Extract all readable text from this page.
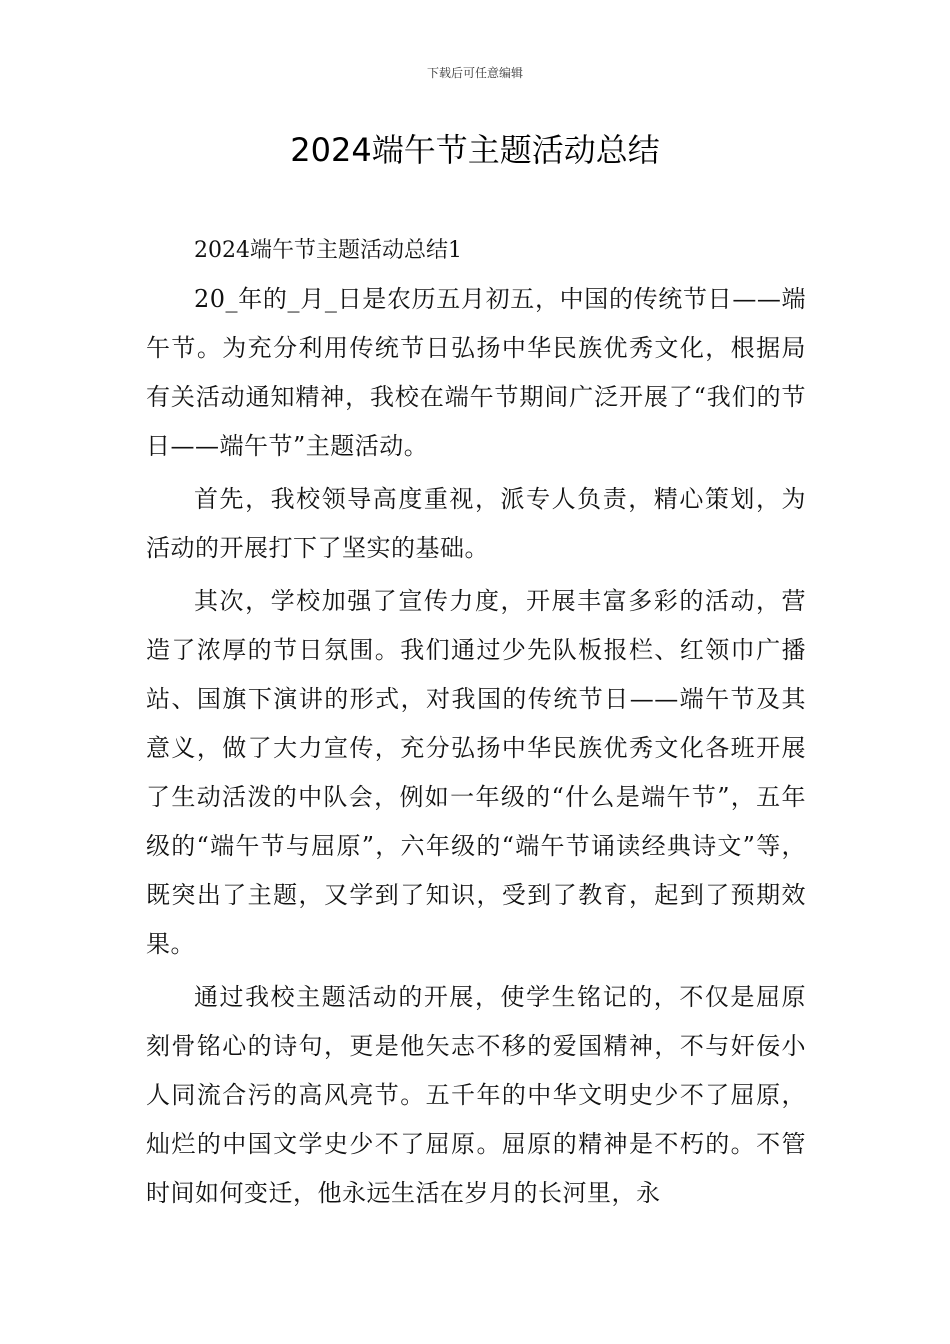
下载后可任意编辑
2024端午节主题活动总结

2024端午节主题活动总结1

20_年的_月_日是农历五月初五，中国的传统节日——端午节。为充分利用传统节日弘扬中华民族优秀文化，根据局有关活动通知精神，我校在端午节期间广泛开展了“我们的节日——端午节”主题活动。

首先，我校领导高度重视，派专人负责，精心策划，为活动的开展打下了坚实的基础。

其次，学校加强了宣传力度，开展丰富多彩的活动，营造了浓厚的节日氛围。我们通过少先队板报栏、红领巾广播站、国旗下演讲的形式，对我国的传统节日——端午节及其意义，做了大力宣传，充分弘扬中华民族优秀文化各班开展了生动活泼的中队会，例如一年级的“什么是端午节”，五年级的“端午节与屈原”，六年级的“端午节诵读经典诗文”等，既突出了主题，又学到了知识，受到了教育，起到了预期效果。

通过我校主题活动的开展，使学生铭记的，不仅是屈原刻骨铭心的诗句，更是他矢志不移的爱国精神，不与奸佞小人同流合污的高风亮节。五千年的中华文明史少不了屈原，灿烂的中国文学史少不了屈原。屈原的精神是不朽的。不管时间如何变迁，他永远生活在岁月的长河里，永
